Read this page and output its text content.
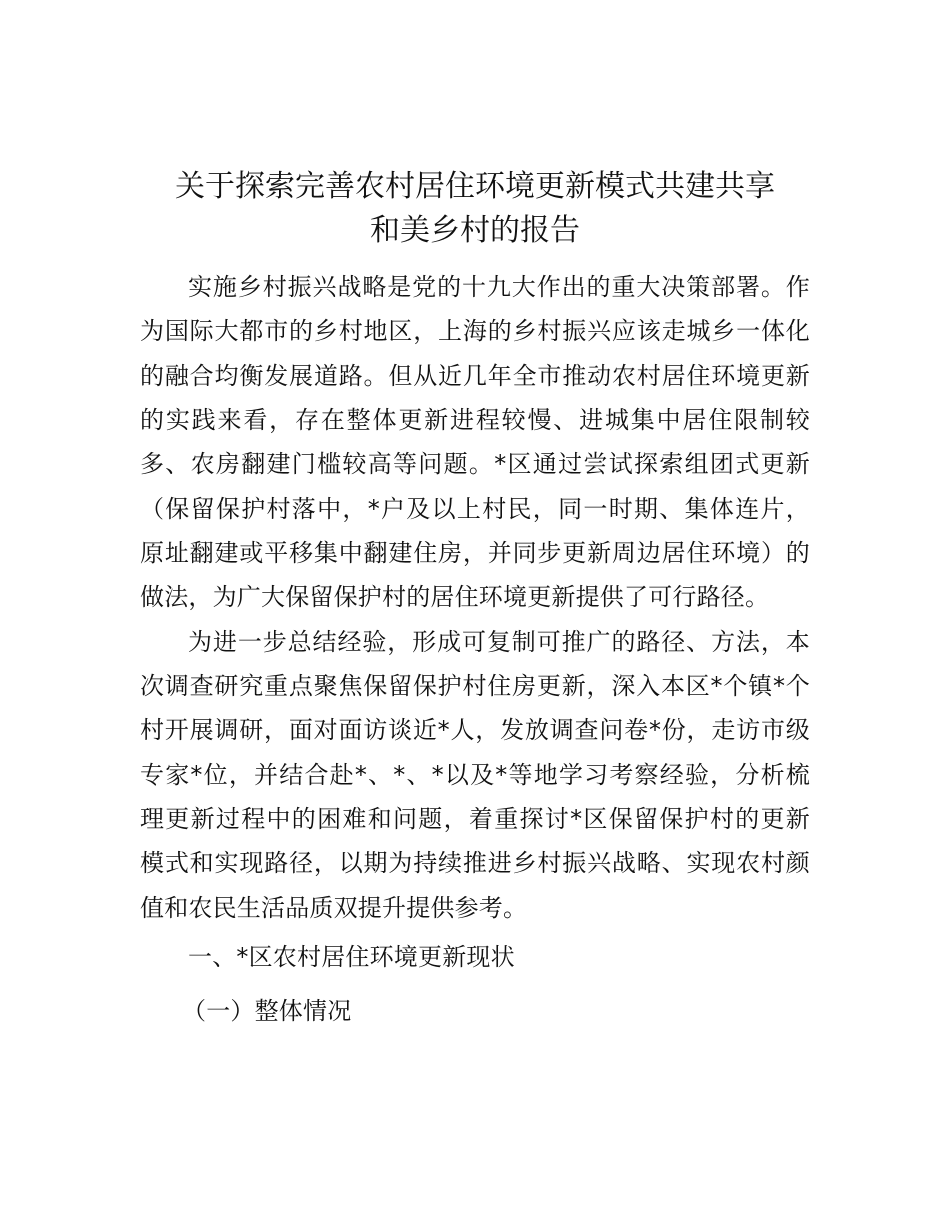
关于探索完善农村居住环境更新模式共建共享
和美乡村的报告
实施乡村振兴战略是党的十九大作出的重大决策部署。作
为国际大都市的乡村地区，上海的乡村振兴应该走城乡一体化
的融合均衡发展道路。但从近几年全市推动农村居住环境更新
的实践来看，存在整体更新进程较慢、进城集中居住限制较
多、农房翻建门槛较高等问题。*区通过尝试探索组团式更新
（保留保护村落中，*户及以上村民，同一时期、集体连片，
原址翻建或平移集中翻建住房，并同步更新周边居住环境）的
做法，为广大保留保护村的居住环境更新提供了可行路径。
为进一步总结经验，形成可复制可推广的路径、方法，本
次调查研究重点聚焦保留保护村住房更新，深入本区*个镇*个
村开展调研，面对面访谈近*人，发放调查问卷*份，走访市级
专家*位，并结合赴*、*、*以及*等地学习考察经验，分析梳
理更新过程中的困难和问题，着重探讨*区保留保护村的更新
模式和实现路径，以期为持续推进乡村振兴战略、实现农村颜
值和农民生活品质双提升提供参考。
一、*区农村居住环境更新现状
（一）整体情况
